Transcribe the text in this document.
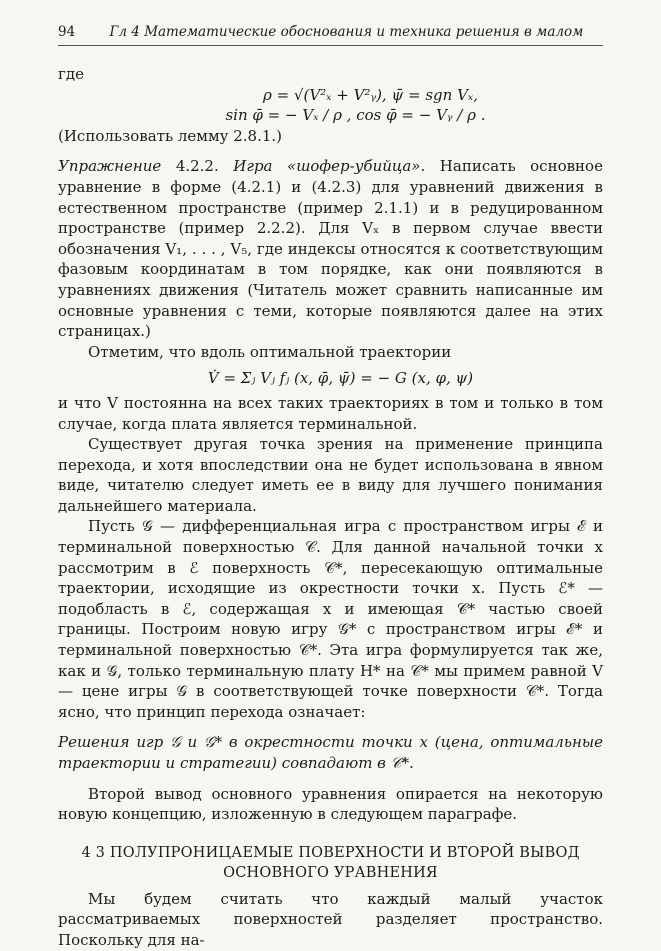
94	Гл 4 Математические обоснования и техника решения в малом

где

ρ = √(V²ₓ + V²ᵧ), ψ̄ = sgn Vₓ,

sin φ̄ = − Vₓ / ρ , cos φ̄ = − Vᵧ / ρ .

(Использовать лемму 2.8.1.)

Упражнение 4.2.2. Игра «шофер-убийца». Написать основное уравнение в форме (4.2.1) и (4.2.3) для уравнений движения в естественном пространстве (пример 2.1.1) и в редуцированном пространстве (пример 2.2.2). Для Vₓ в первом случае ввести обозначения V₁, . . . , V₅, где индексы относятся к соответствующим фазовым координатам в том порядке, как они появляются в уравнениях движения (Читатель может сравнить написанные им основные уравнения с теми, которые появляются далее на этих страницах.)

Отметим, что вдоль оптимальной траектории

V̇ = Σⱼ Vⱼ fⱼ (x, φ̄, ψ̄) = − G (x, φ, ψ)

и что V постоянна на всех таких траекториях в том и только в том случае, когда плата является терминальной.

Существует другая точка зрения на применение принципа перехода, и хотя впоследствии она не будет использована в явном виде, читателю следует иметь ее в виду для лучшего понимания дальнейшего материала.

Пусть 𝒢 — дифференциальная игра с пространством игры ℰ и терминальной поверхностью 𝒞. Для данной начальной точки x рассмотрим в ℰ поверхность 𝒞*, пересекающую оптимальные траектории, исходящие из окрестности точки x. Пусть ℰ* — подобласть в ℰ, содержащая x и имеющая 𝒞* частью своей границы. Построим новую игру 𝒢* с пространством игры ℰ* и терминальной поверхностью 𝒞*. Эта игра формулируется так же, как и 𝒢, только терминальную плату H* на 𝒞* мы примем равной V — цене игры 𝒢 в соответствующей точке поверхности 𝒞*. Тогда ясно, что принцип перехода означает:

Решения игр 𝒢 и 𝒢* в окрестности точки x (цена, оптимальные траектории и стратегии) совпадают в 𝒞*.

Второй вывод основного уравнения опирается на некоторую новую концепцию, изложенную в следующем параграфе.

4 3 ПОЛУПРОНИЦАЕМЫЕ ПОВЕРХНОСТИ И ВТОРОЙ ВЫВОД
ОСНОВНОГО УРАВНЕНИЯ

Мы будем считать что каждый малый участок рассматриваемых поверхностей разделяет пространство. Поскольку для на-
